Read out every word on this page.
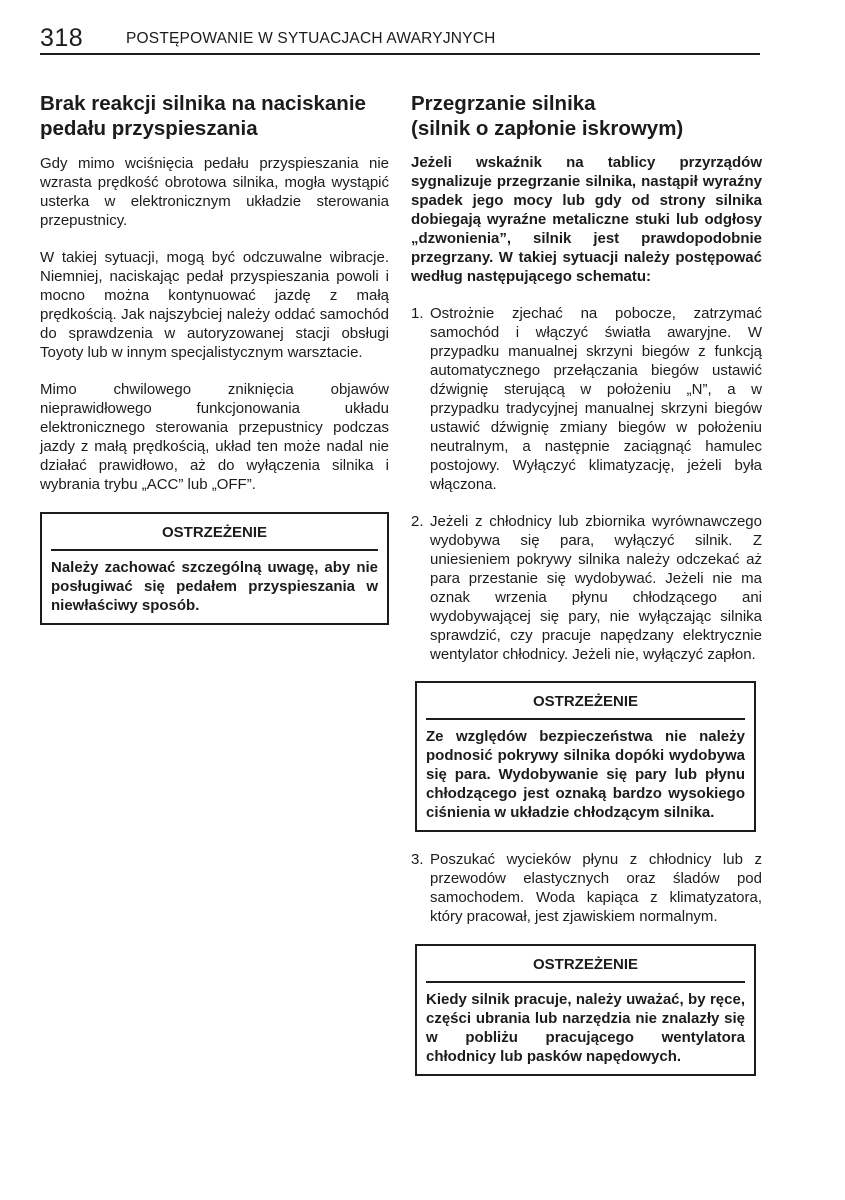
318	POSTĘPOWANIE W SYTUACJACH AWARYJNYCH
Brak reakcji silnika na naciskanie
pedału przyspieszania

Gdy mimo wciśnięcia pedału przyspieszania nie wzrasta prędkość obrotowa silnika, mogła wystąpić usterka w elektronicznym układzie sterowania przepustnicy.

W takiej sytuacji, mogą być odczuwalne wibracje. Niemniej, naciskając pedał przyspieszania powoli i mocno można kontynuować jazdę z małą prędkością. Jak najszybciej należy oddać samochód do sprawdzenia w autoryzowanej stacji obsługi Toyoty lub w innym specjalistycznym warsztacie.

Mimo chwilowego zniknięcia objawów nieprawidłowego funkcjonowania układu elektronicznego sterowania przepustnicy podczas jazdy z małą prędkością, układ ten może nadal nie działać prawidłowo, aż do wyłączenia silnika i wybrania trybu „ACC” lub „OFF”.

OSTRZEŻENIE
Należy zachować szczególną uwagę, aby nie posługiwać się pedałem przyspieszania w niewłaściwy sposób.
Przegrzanie silnika
(silnik o zapłonie iskrowym)

Jeżeli wskaźnik na tablicy przyrządów sygnalizuje przegrzanie silnika, nastąpił wyraźny spadek jego mocy lub gdy od strony silnika dobiegają wyraźne metaliczne stuki lub odgłosy „dzwonienia”, silnik jest prawdopodobnie przegrzany. W takiej sytuacji należy postępować według następującego schematu:

1. Ostrożnie zjechać na pobocze, zatrzymać samochód i włączyć światła awaryjne. W przypadku manualnej skrzyni biegów z funkcją automatycznego przełączania biegów ustawić dźwignię sterującą w położeniu „N”, a w przypadku tradycyjnej manualnej skrzyni biegów ustawić dźwignię zmiany biegów w położeniu neutralnym, a następnie zaciągnąć hamulec postojowy. Wyłączyć klimatyzację, jeżeli była włączona.
2. Jeżeli z chłodnicy lub zbiornika wyrównawczego wydobywa się para, wyłączyć silnik. Z uniesieniem pokrywy silnika należy odczekać aż para przestanie się wydobywać. Jeżeli nie ma oznak wrzenia płynu chłodzącego ani wydobywającej się pary, nie wyłączając silnika sprawdzić, czy pracuje napędzany elektrycznie wentylator chłodnicy. Jeżeli nie, wyłączyć zapłon.
OSTRZEŻENIE
Ze względów bezpieczeństwa nie należy podnosić pokrywy silnika dopóki wydobywa się para. Wydobywanie się pary lub płynu chłodzącego jest oznaką bardzo wysokiego ciśnienia w układzie chłodzącym silnika.
3. Poszukać wycieków płynu z chłodnicy lub z przewodów elastycznych oraz śladów pod samochodem. Woda kapiąca z klimatyzatora, który pracował, jest zjawiskiem normalnym.
OSTRZEŻENIE
Kiedy silnik pracuje, należy uważać, by ręce, części ubrania lub narzędzia nie znalazły się w pobliżu pracującego wentylatora chłodnicy lub pasków napędowych.
